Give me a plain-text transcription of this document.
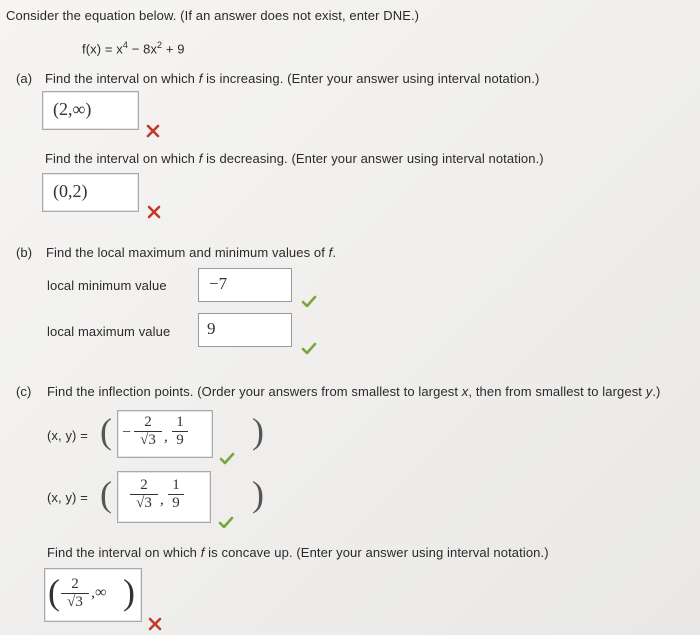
Consider the equation below. (If an answer does not exist, enter DNE.)
$f(x) = x^4 - 8x^2 + 9$
(a) Find the interval on which f is increasing. (Enter your answer using interval notation.)
(2,∞)
Find the interval on which f is decreasing. (Enter your answer using interval notation.)
(0,2)
(b) Find the local maximum and minimum values of f.
local minimum value −7
local maximum value 9
(c) Find the inflection points. (Order your answers from smallest to largest x, then from smallest to largest y.)
(x, y) = ( − $\frac{2}{√3}$ , $\frac{1}{9}$ )
(x, y) = ( $\frac{2}{√3}$ , $\frac{1}{9}$ )
Find the interval on which f is concave up. (Enter your answer using interval notation.)
( $\frac{2}{√3}$ ,∞ )
